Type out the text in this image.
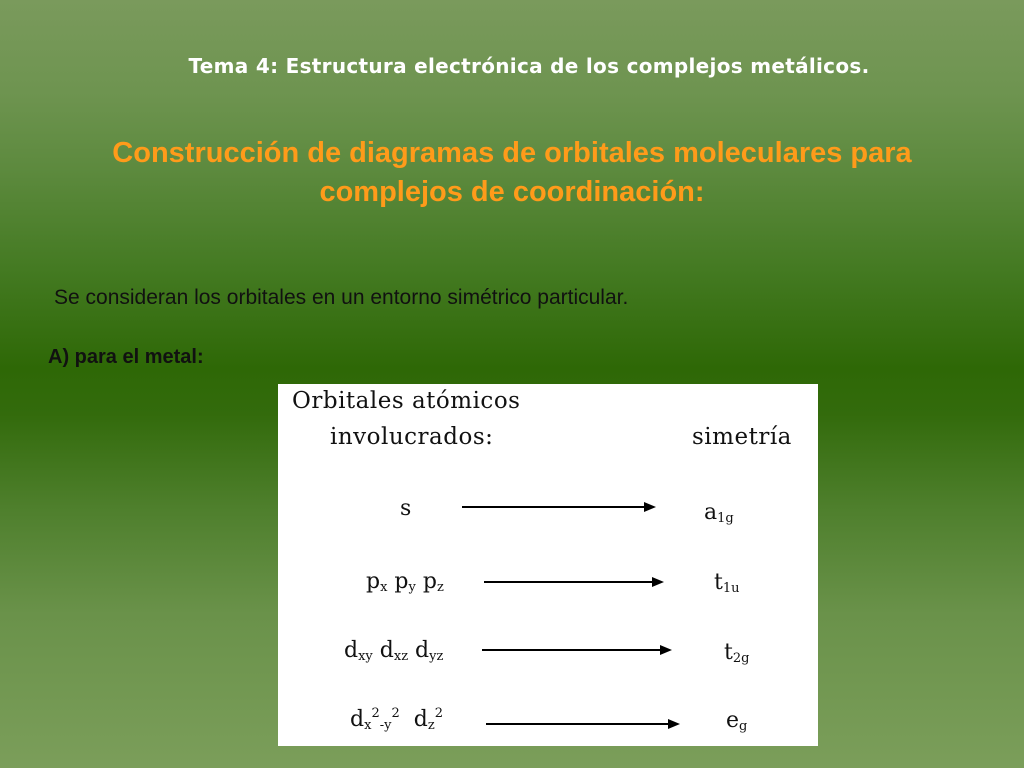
Tema 4: Estructura electrónica de los complejos metálicos.
Construcción de diagramas de orbitales moleculares para
complejos de coordinación:
Se consideran los orbitales en un entorno simétrico particular.
A) para el metal:
Orbitales atómicos
involucrados:	simetría
s	$a_{1g}$
$p_x$ $p_y$ $p_z$	$t_{1u}$
$d_{xy}$ $d_{xz}$ $d_{yz}$	$t_{2g}$
$d_x^2_{-y}^2$  $d_z^2$	$e_g$
